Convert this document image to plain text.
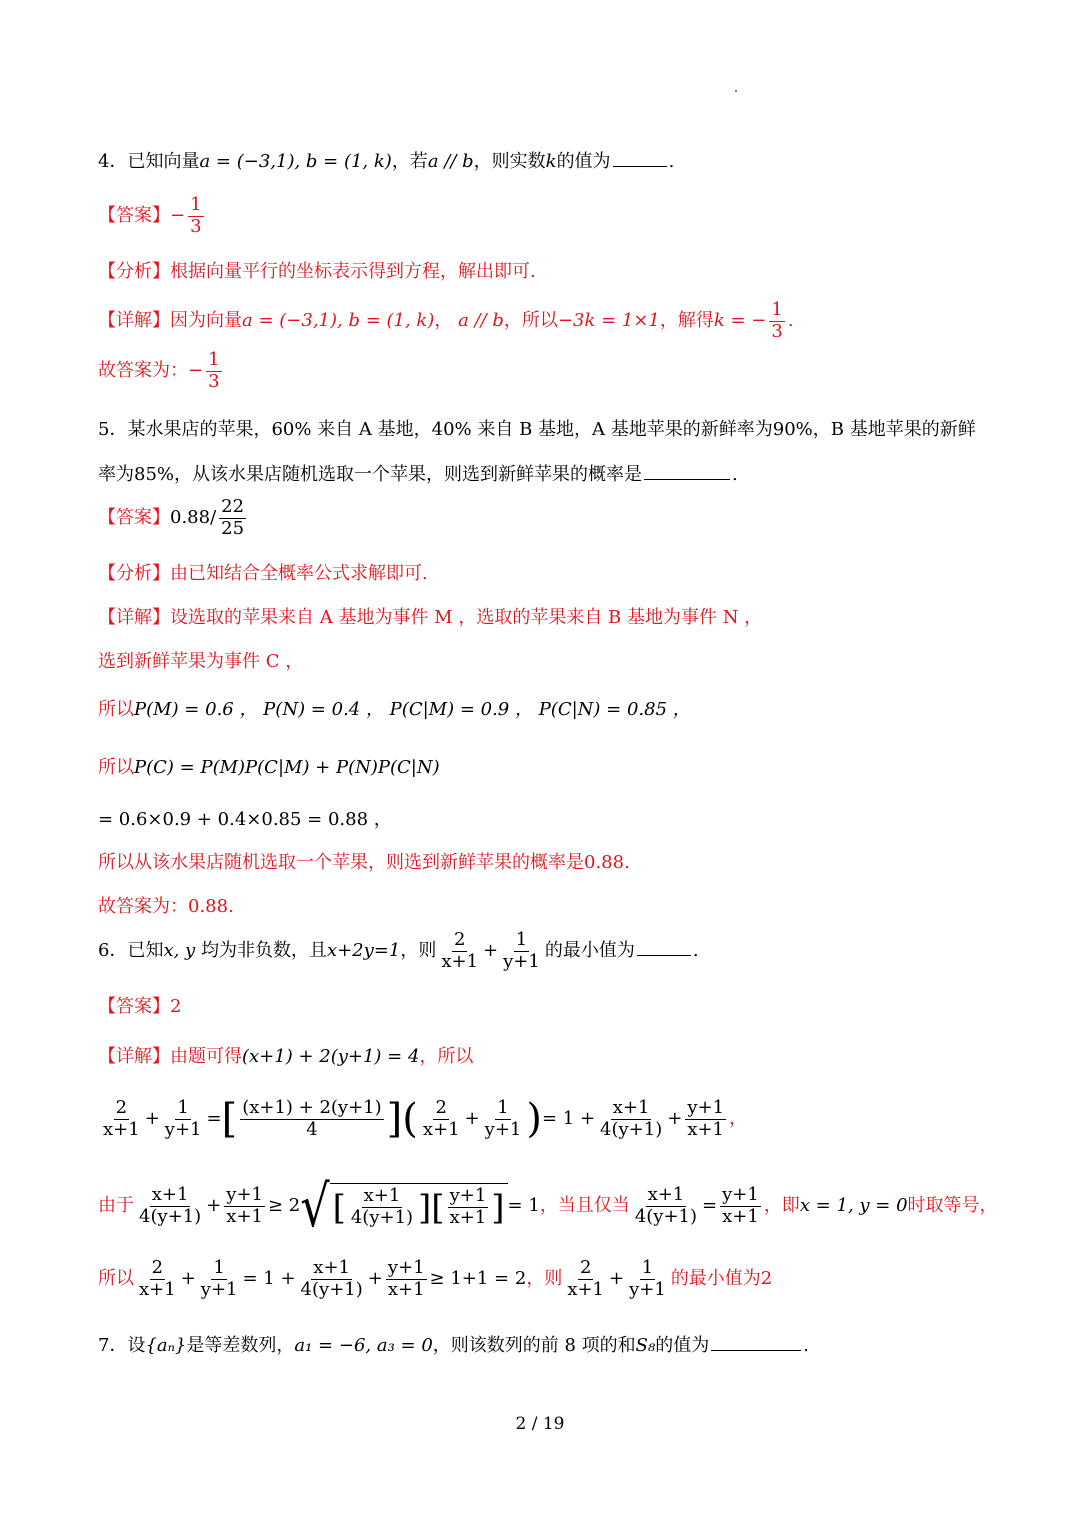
4．已知向量a = (−3,1), b = (1, k)，若a // b，则实数k的值为	.
【答案】− $\frac{1}{3}$
【分析】根据向量平行的坐标表示得到方程，解出即可.
【详解】因为向量a = (−3,1), b = (1, k)， a // b，所以−3k = 1×1，解得k = − $\frac{1}{3}$ .
故答案为：− $\frac{1}{3}$
5．某水果店的苹果，60% 来自 A 基地，40% 来自 B 基地，A 基地苹果的新鲜率为90%，B 基地苹果的新鲜
率为85%，从该水果店随机选取一个苹果，则选到新鲜苹果的概率是	.
【答案】$0.88/ \frac{22}{25}$
【分析】由已知结合全概率公式求解即可.
【详解】设选取的苹果来自 A 基地为事件 M ，选取的苹果来自 B 基地为事件 N ，
选到新鲜苹果为事件 C ，
所以P(M) = 0.6 ， P(N) = 0.4 ， P(C|M) = 0.9 ， P(C|N) = 0.85 ，
所以P(C) = P(M)P(C|M) + P(N)P(C|N)
= 0.6×0.9 + 0.4×0.85 = 0.88 ，
所以从该水果店随机选取一个苹果，则选到新鲜苹果的概率是0.88.
故答案为：0.88.
6．已知x, y 均为非负数，且x+2y=1，则 $\frac{2}{x+1} + \frac{1}{y+1}$ 的最小值为	.
【答案】2
【详解】由题可得(x+1) + 2(y+1) = 4，所以
$\frac{2}{x+1} + \frac{1}{y+1}$ =[ $\frac{(x+1) + 2(y+1)}{4}$ ]( $\frac{2}{x+1} + \frac{1}{y+1}$ )= $1 + \frac{x+1}{4(y+1)} + \frac{y+1}{x+1}$ ，
由于 $\frac{x+1}{4(y+1)} + \frac{y+1}{x+1} \ge 2$ √ [ $\frac{x+1}{4(y+1)}$ ][ $\frac{y+1}{x+1}$ ] = 1，当且仅当 $\frac{x+1}{4(y+1)} = \frac{y+1}{x+1}$ ，即x = 1, y = 0时取等号，
所以 $\frac{2}{x+1} + \frac{1}{y+1} = 1 + \frac{x+1}{4(y+1)} + \frac{y+1}{x+1} \ge 1+1 = 2$，则 $\frac{2}{x+1} + \frac{1}{y+1}$ 的最小值为2
7．设{aₙ}是等差数列，a₁ = −6, a₃ = 0，则该数列的前 8 项的和S₈的值为	.
2 / 19
